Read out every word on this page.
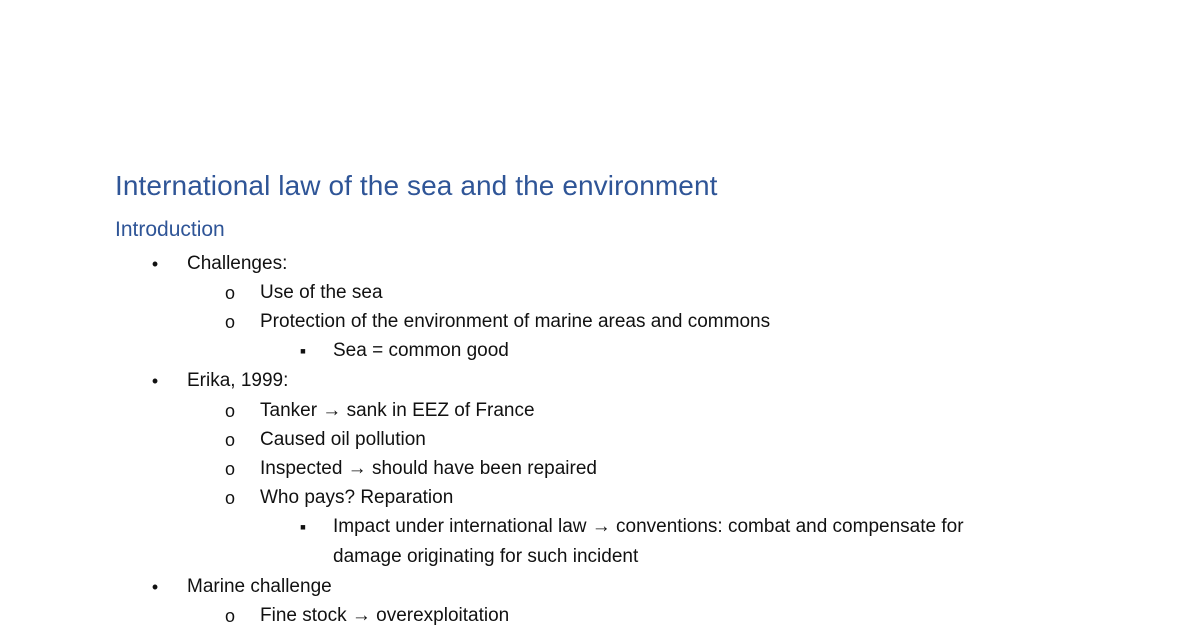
International law of the sea and the environment
Introduction
•	Challenges:
o Use of the sea
o Protection of the environment of marine areas and commons
▪	Sea = common good
•	Erika, 1999:
o Tanker → sank in EEZ of France
o Caused oil pollution
o Inspected → should have been repaired
o Who pays? Reparation
▪	Impact under international law → conventions: combat and compensate for
damage originating for such incident
•	Marine challenge
o Fine stock → overexploitation
